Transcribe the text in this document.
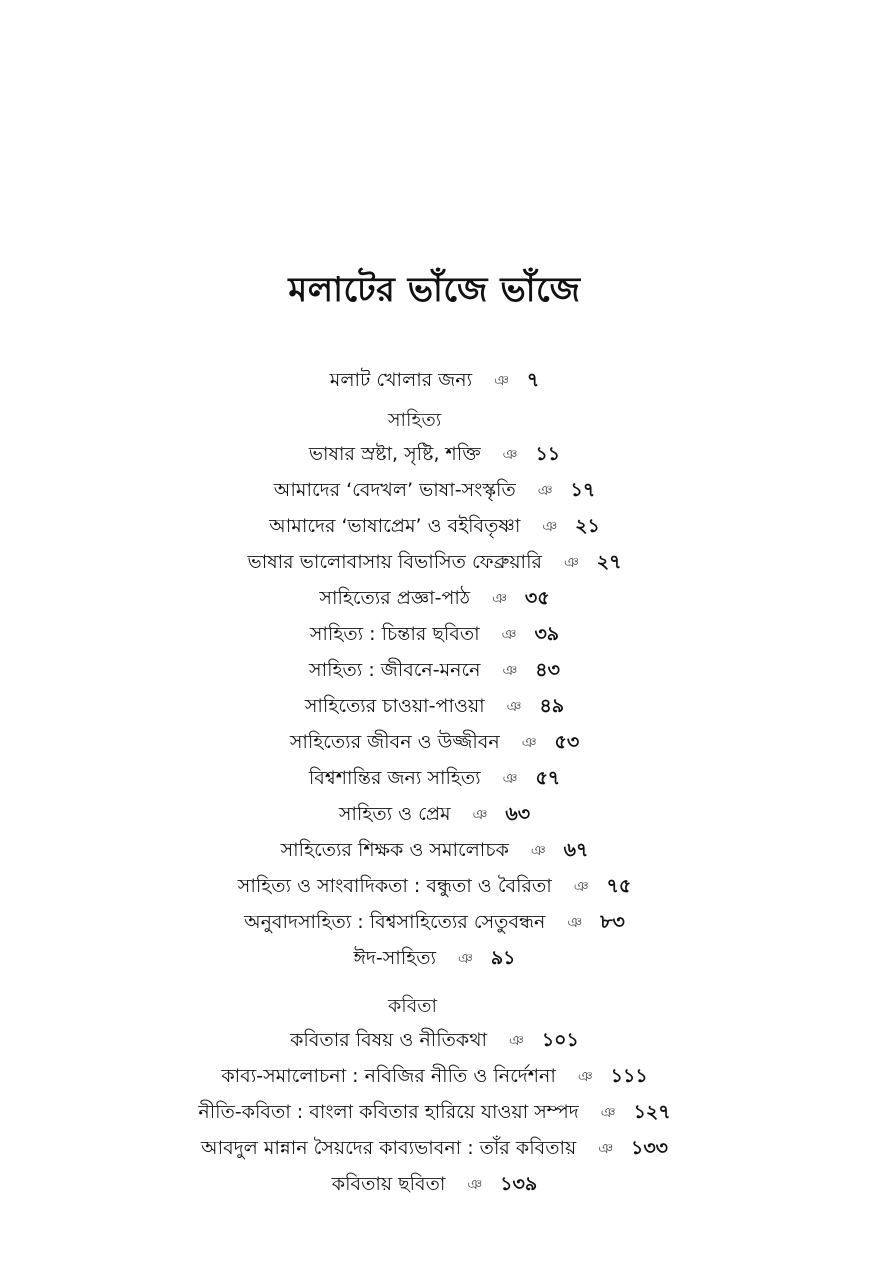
মলাটের ভাঁজে ভাঁজে
মলাট খোলার জন্য ঞ ৭
সাহিত্য
ভাষার স্রষ্টা, সৃষ্টি, শক্তি ঞ ১১
আমাদের ‘বেদখল’ ভাষা-সংস্কৃতি ঞ ১৭
আমাদের ‘ভাষাপ্রেম’ ও বইবিতৃষ্ণা ঞ ২১
ভাষার ভালোবাসায় বিভাসিত ফেব্রুয়ারি ঞ ২৭
সাহিত্যের প্রজ্ঞা-পাঠ ঞ ৩৫
সাহিত্য : চিন্তার ছবিতা ঞ ৩৯
সাহিত্য : জীবনে-মননে ঞ ৪৩
সাহিত্যের চাওয়া-পাওয়া ঞ ৪৯
সাহিত্যের জীবন ও উজ্জীবন ঞ ৫৩
বিশ্বশান্তির জন্য সাহিত্য ঞ ৫৭
সাহিত্য ও প্রেম ঞ ৬৩
সাহিত্যের শিক্ষক ও সমালোচক ঞ ৬৭
সাহিত্য ও সাংবাদিকতা : বন্ধুতা ও বৈরিতা ঞ ৭৫
অনুবাদসাহিত্য : বিশ্বসাহিত্যের সেতুবন্ধন ঞ ৮৩
ঈদ-সাহিত্য ঞ ৯১
কবিতা
কবিতার বিষয় ও নীতিকথা ঞ ১০১
কাব্য-সমালোচনা : নবিজির নীতি ও নির্দেশনা ঞ ১১১
নীতি-কবিতা : বাংলা কবিতার হারিয়ে যাওয়া সম্পদ ঞ ১২৭
আবদুল মান্নান সৈয়দের কাব্যভাবনা : তাঁর কবিতায় ঞ ১৩৩
কবিতায় ছবিতা ঞ ১৩৯
